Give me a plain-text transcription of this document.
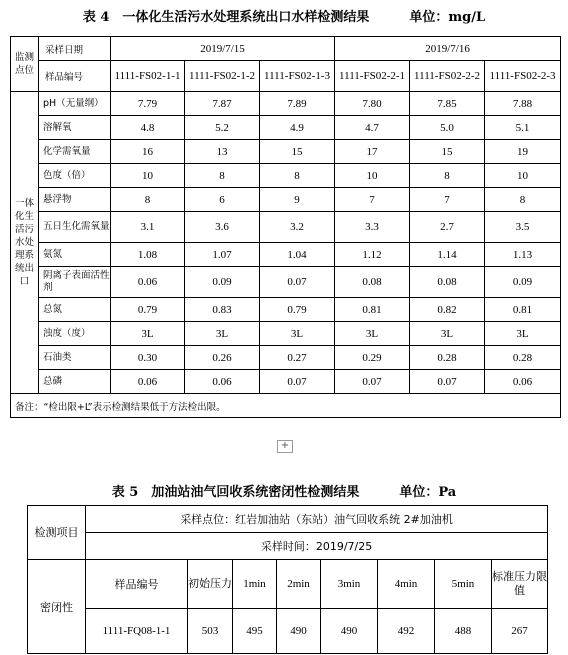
表 4　一体化生活污水处理系统出口水样检测结果	单位：mg/L
监测点位	采样日期	2019/7/15			2019/7/16		
	样品编号	1111-FS02-1-1	1111-FS02-1-2	1111-FS02-1-3	1111-FS02-2-1	1111-FS02-2-2	1111-FS02-2-3
一体化生活污水处理系统出口	pH（无量纲）	7.79	7.87	7.89	7.80	7.85	7.88
	溶解氧	4.8	5.2	4.9	4.7	5.0	5.1
	化学需氧量	16	13	15	17	15	19
	色度（倍）	10	8	8	10	8	10
	悬浮物	8	6	9	7	7	8
	五日生化需氧量	3.1	3.6	3.2	3.3	2.7	3.5
	氨氮	1.08	1.07	1.04	1.12	1.14	1.13
	阴离子表面活性剂	0.06	0.09	0.07	0.08	0.08	0.09
	总氮	0.79	0.83	0.79	0.81	0.82	0.81
	浊度（度）	3L	3L	3L	3L	3L	3L
	石油类	0.30	0.26	0.27	0.29	0.28	0.28
	总磷	0.06	0.06	0.07	0.07	0.07	0.06
备注：“检出限+L”表示检测结果低于方法检出限。							
+
表 5　加油站油气回收系统密闭性检测结果	单位：Pa
检测项目	采样点位：红岩加油站（东站）油气回收系统 2#加油机							
	采样时间：2019/7/25							
密闭性	样品编号	初始压力	1min	2min	3min	4min	5min	标准压力限值
	1111-FQ08-1-1	503	495	490	490	492	488	267
